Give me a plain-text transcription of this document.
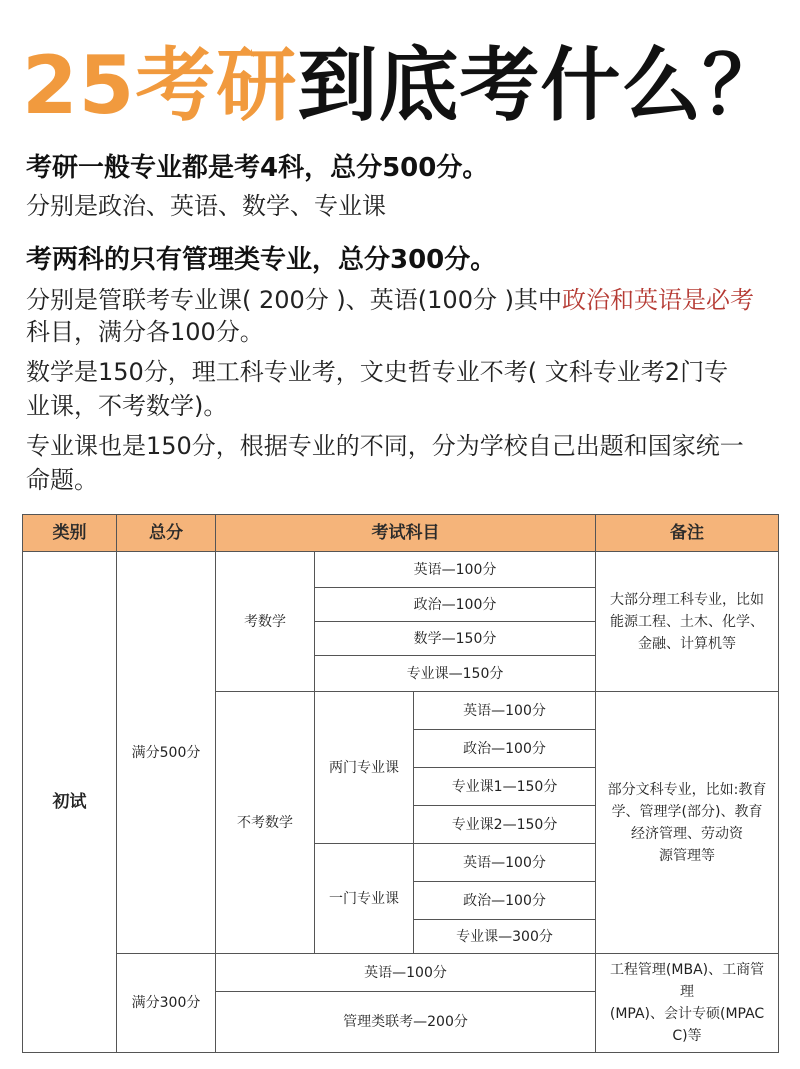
25考研到底考什么？
考研一般专业都是考4科，总分500分。
分别是政治、英语、数学、专业课
考两科的只有管理类专业，总分300分。
分别是管联考专业课( 200分 )、英语(100分 )其中政治和英语是必考
科目，满分各100分。
数学是150分，理工科专业考，文史哲专业不考( 文科专业考2门专
业课，不考数学)。
专业课也是150分，根据专业的不同，分为学校自己出题和国家统一
命题。
类别	总分	考试科目			备注
初试	满分500分	考数学	英语—100分		大部分理工科专业，比如
能源工程、土木、化学、
金融、计算机等

			政治—100分		
			数学—150分		
			专业课—150分		
		不考数学	两门专业课	英语—100分	部分文科专业，比如:教育
学、管理学(部分)、教育
经济管理、劳动资
源管理等

				政治—100分	
				专业课1—150分	
				专业课2—150分	
			一门专业课	英语—100分	
				政治—100分	
				专业课—300分	
	满分300分	英语—100分			工程管理(MBA)、工商管
理
(MPA)、会计专硕(MPAC
C)等

		管理类联考—200分			
